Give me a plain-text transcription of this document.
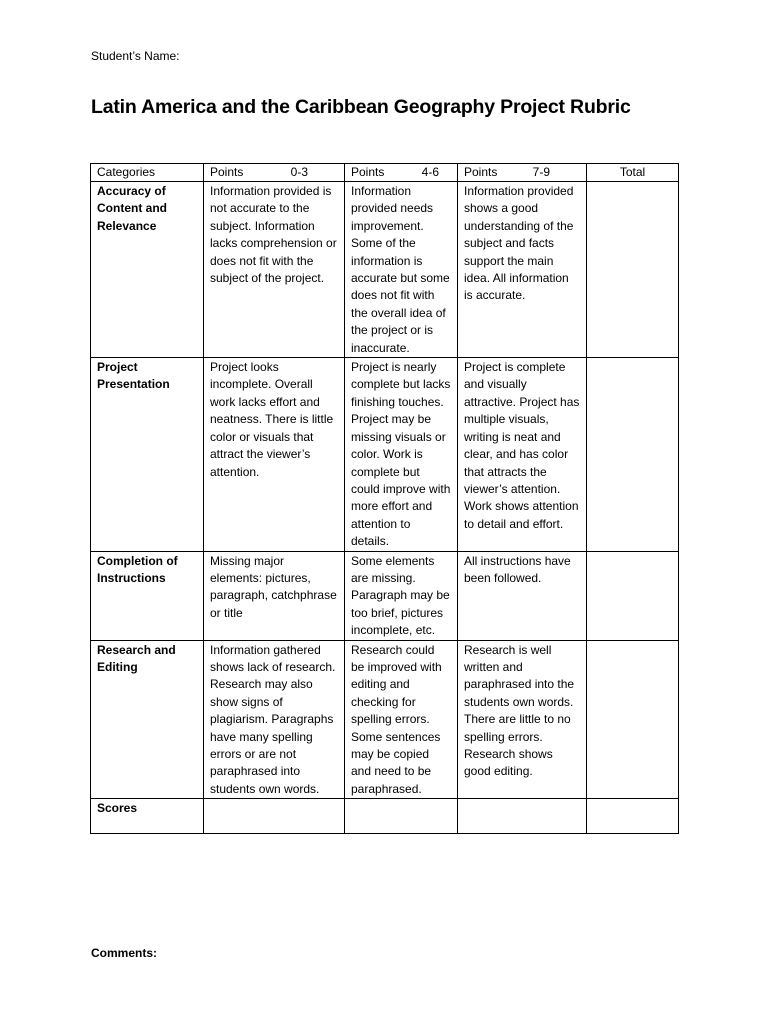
Student’s Name:
Latin America and the Caribbean Geography Project Rubric
Categories	Points 0-3	Points 4-6	Points 7-9	Total
Accuracy of Content and Relevance	Information provided is not accurate to the subject. Information lacks comprehension or does not fit with the subject of the project.	Information provided needs improvement. Some of the information is accurate but some does not fit with the overall idea of the project or is inaccurate.	Information provided shows a good understanding of the subject and facts support the main idea. All information is accurate.	
Project Presentation	Project looks incomplete. Overall work lacks effort and neatness. There is little color or visuals that attract the viewer’s attention.	Project is nearly complete but lacks finishing touches. Project may be missing visuals or color. Work is complete but could improve with more effort and attention to details.	Project is complete and visually attractive. Project has multiple visuals, writing is neat and clear, and has color that attracts the viewer’s attention. Work shows attention to detail and effort.	
Completion of Instructions	Missing major elements: pictures, paragraph, catchphrase or title	Some elements are missing. Paragraph may be too brief, pictures incomplete, etc.	All instructions have been followed.	
Research and Editing	Information gathered shows lack of research. Research may also show signs of plagiarism. Paragraphs have many spelling errors or are not paraphrased into students own words.	Research could be improved with editing and checking for spelling errors. Some sentences may be copied and need to be paraphrased.	Research is well written and paraphrased into the students own words. There are little to no spelling errors. Research shows good editing.	
Scores				
Comments:
